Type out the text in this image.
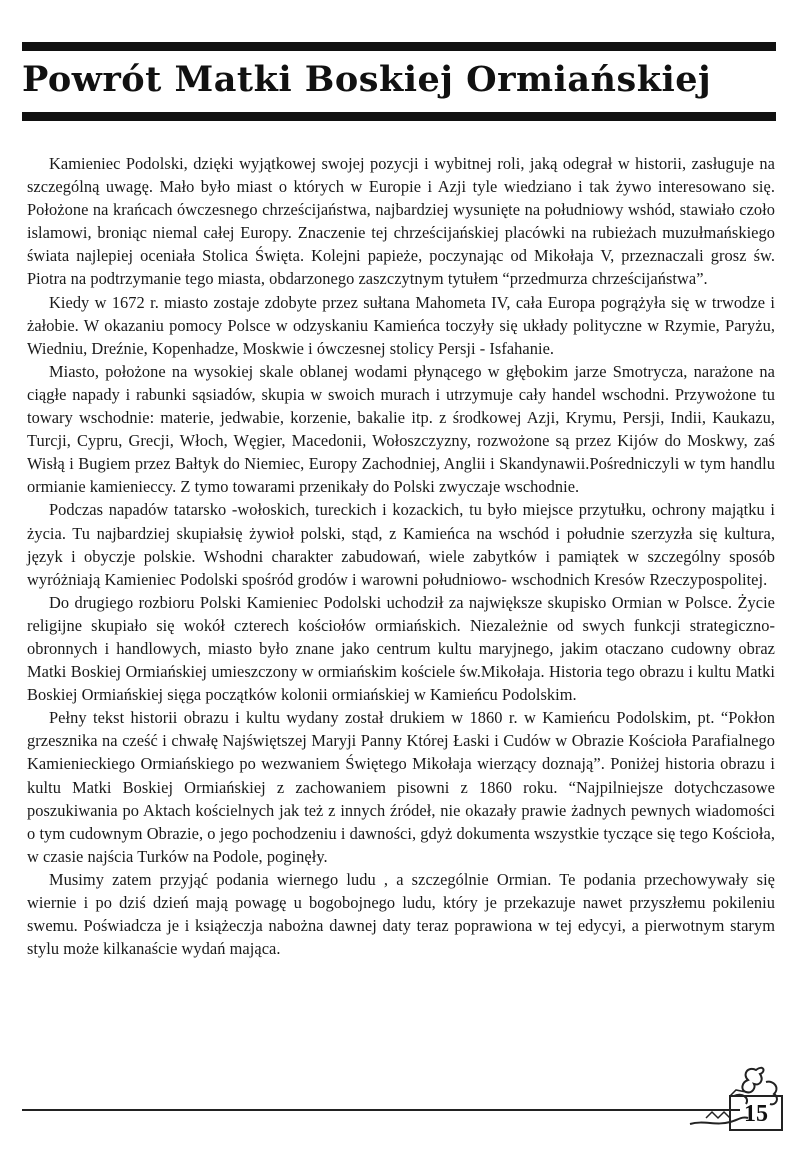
Powrót Matki Boskiej Ormiańskiej

Kamieniec Podolski, dzięki wyjątkowej swojej pozycji i wybitnej roli, jaką odegrał w historii, zasługuje na szczególną uwagę. Mało było miast o których w Europie i Azji tyle wiedziano i tak żywo interesowano się. Położone na krańcach ówczesnego chrześcijaństwa, najbardziej wysunięte na południowy wshód, stawiało czoło islamowi, broniąc niemal całej Europy. Znaczenie tej chrześcijańskiej placówki na rubieżach muzułmańskiego świata najlepiej oceniała Stolica Święta. Kolejni papieże, poczynając od Mikołaja V, przeznaczali grosz św. Piotra na podtrzymanie tego miasta, obdarzonego zaszczytnym tytułem “przedmurza chrześcijaństwa”.

Kiedy w 1672 r. miasto zostaje zdobyte przez sułtana Mahometa IV, cała Europa pogrążyła się w trwodze i żałobie. W okazaniu pomocy Polsce w odzyskaniu Kamieńca toczyły się układy polityczne w Rzymie, Paryżu, Wiedniu, Dreźnie, Kopenhadze, Moskwie i ówczesnej stolicy Persji - Isfahanie.

Miasto, położone na wysokiej skale oblanej wodami płynącego w głębokim jarze Smotrycza, narażone na ciągłe napady i rabunki sąsiadów, skupia w swoich murach i utrzymuje cały handel wschodni. Przywożone tu towary wschodnie: materie, jedwabie, korzenie, bakalie itp. z środkowej Azji, Krymu, Persji, Indii, Kaukazu, Turcji, Cypru, Grecji, Włoch, Węgier, Macedonii, Wołoszczyzny, rozwożone są przez Kijów do Moskwy, zaś Wisłą i Bugiem przez Bałtyk do Niemiec, Europy Zachodniej, Anglii i Skandynawii.Pośredniczyli w tym handlu ormianie kamienieccy. Z tymo towarami przenikały do Polski zwyczaje wschodnie.

Podczas napadów tatarsko -wołoskich, tureckich i kozackich, tu było miejsce przytułku, ochrony majątku i życia. Tu najbardziej skupiałsię żywioł polski, stąd, z Kamieńca na wschód i południe szerzyzła się kultura, język i obyczje polskie. Wshodni charakter zabudowań, wiele zabytków i pamiątek w szczególny sposób wyróżniają Kamieniec Podolski spośród grodów i warowni południowo- wschodnich Kresów Rzeczypospolitej.

Do drugiego rozbioru Polski Kamieniec Podolski uchodził za największe skupisko Ormian w Polsce. Życie religijne skupiało się wokół czterech kościołów ormiańskich. Niezależnie od swych funkcji strategiczno-obronnych i handlowych, miasto było znane jako centrum kultu maryjnego, jakim otaczano cudowny obraz Matki Boskiej Ormiańskiej umieszczony w ormiańskim kościele św.Mikołaja. Historia tego obrazu i kultu Matki Boskiej Ormiańskiej sięga początków kolonii ormiańskiej w Kamieńcu Podolskim.

Pełny tekst historii obrazu i kultu wydany został drukiem w 1860 r. w Kamieńcu Podolskim, pt. “Pokłon grzesznika na cześć i chwałę Najświętszej Maryji Panny Której Łaski i Cudów w Obrazie Kościoła Parafialnego Kamienieckiego Ormiańskiego po wezwaniem Świętego Mikołaja wierzący doznają”. Poniżej historia obrazu i kultu Matki Boskiej Ormiańskiej z zachowaniem pisowni z 1860 roku. “Najpilniejsze dotychczasowe poszukiwania po Aktach kościelnych jak też z innych źródeł, nie okazały prawie żadnych pewnych wiadomości o tym cudownym Obrazie, o jego pochodzeniu i dawności, gdyż dokumenta wszystkie tyczące się tego Kościoła, w czasie najścia Turków na Podole, poginęły.

Musimy zatem przyjąć podania wiernego ludu , a szczególnie Ormian. Te podania przechowywały się wiernie i po dziś dzień mają powagę u bogobojnego ludu, który je przekazuje nawet przyszłemu pokileniu swemu. Poświadcza je i książeczja nabożna dawnej daty teraz poprawiona w tej edycyi, a pierwotnym starym stylu może kilkanaście wydań mająca.

15
